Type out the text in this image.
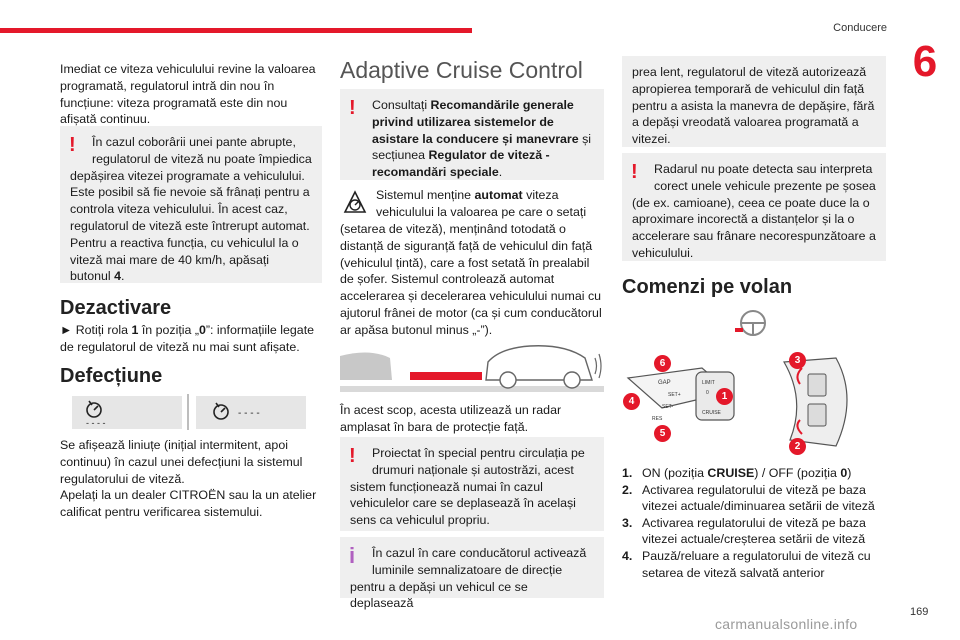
Conducere
6

Imediat ce viteza vehiculului revine la valoarea programată, regulatorul intră din nou în funcțiune: viteza programată este din nou afișată continuu.

!	În cazul coborârii unei pante abrupte, regulatorul de viteză nu poate împiedica
depășirea vitezei programate a vehiculului. Este posibil să fie nevoie să frânați pentru a controla viteza vehiculului. În acest caz, regulatorul de viteză este întrerupt automat. Pentru a reactiva funcția, cu vehiculul la o viteză mai mare de 40 km/h, apăsați butonul 4.
Dezactivare

► Rotiți rola 1 în poziția „0”: informațiile legate de regulatorul de viteză nu mai sunt afișate.

Defecțiune
- - - -
- - - -

Se afișează liniuțe (inițial intermitent, apoi continuu) în cazul unei defecțiuni la sistemul regulatorului de viteză.

Apelați la un dealer CITROËN sau la un atelier calificat pentru verificarea sistemului.

Adaptive Cruise Control
!	Consultați Recomandările generale privind utilizarea sistemelor de asistare la conducere și manevrare și secțiunea Regulator de viteză - recomandări speciale.

Sistemul menține automat viteza vehiculului la valoarea pe care o setați

(setarea de viteză), menținând totodată o distanță de siguranță față de vehiculul din față (vehiculul țintă), care a fost setată în prealabil de șofer. Sistemul controlează automat accelerarea și decelerarea vehiculului numai cu ajutorul frânei de motor (ca și cum conducătorul ar apăsa butonul minus „-”).

În acest scop, acesta utilizează un radar amplasat în bara de protecție față.

!	Proiectat în special pentru circulația pe drumuri naționale și autostrăzi, acest
sistem funcționează numai în cazul vehiculelor care se deplasează în același sens ca vehiculul propriu.
i	În cazul în care conducătorul activează luminile semnalizatoare de direcție
pentru a depăși un vehicul ce se deplasează
prea lent, regulatorul de viteză autorizează apropierea temporară de vehiculul din față pentru a asista la manevra de depășire, fără a depăși vreodată valoarea programată a vitezei.
!	Radarul nu poate detecta sau interpreta corect unele vehicule prezente pe șosea
(de ex. camioane), ceea ce poate duce la o aproximare incorectă a distanțelor și la o accelerare sau frânare necorespunzătoare a vehiculului.
Comenzi pe volan
GAP	LIMIT
SET+
SET-
RES
CRUISE
0
6
4
5
1
3
2
1. ON (poziția CRUISE) / OFF (poziția 0)
2. Activarea regulatorului de viteză pe baza vitezei actuale/diminuarea setării de viteză
3. Activarea regulatorului de viteză pe baza vitezei actuale/creșterea setării de viteză
4. Pauză/reluare a regulatorului de viteză cu setarea de viteză salvată anterior
169
carmanualsonline.info
